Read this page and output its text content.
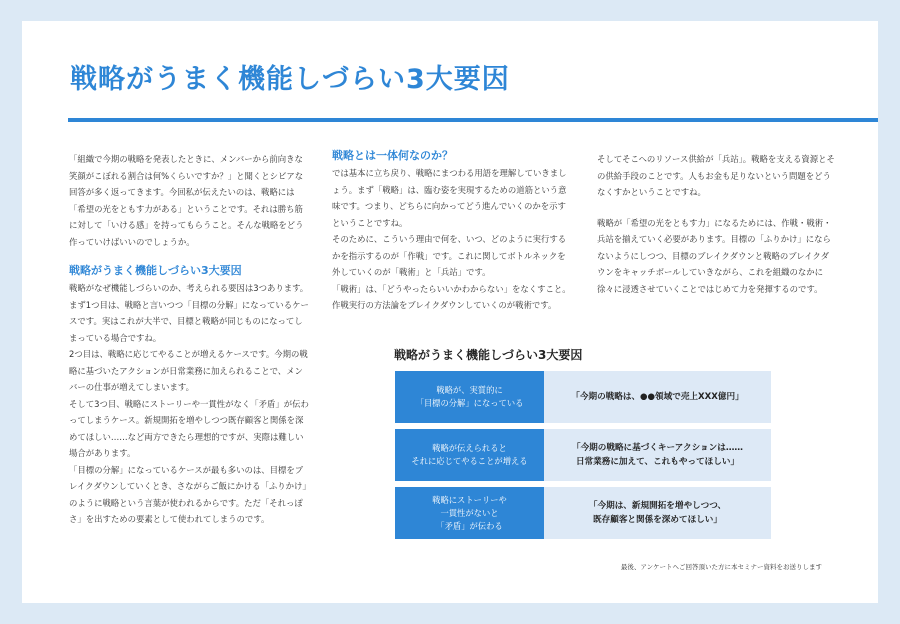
戦略がうまく機能しづらい3大要因

「組織で今期の戦略を発表したときに、メンバーから前向きな笑顔がこぼれる割合は何%くらいですか？」と聞くとシビアな回答が多く返ってきます。今回私が伝えたいのは、戦略には「希望の光をともす力がある」ということです。それは勝ち筋に対して「いける感」を持ってもらうこと。そんな戦略をどう作っていけばいいのでしょうか。

戦略がうまく機能しづらい3大要因

戦略がなぜ機能しづらいのか、考えられる要因は3つあります。

まず1つ目は、戦略と言いつつ「目標の分解」になっているケースです。実はこれが大半で、目標と戦略が同じものになってしまっている場合ですね。

2つ目は、戦略に応じてやることが増えるケースです。今期の戦略に基づいたアクションが日常業務に加えられることで、メンバーの仕事が増えてしまいます。

そして3つ目、戦略にストーリーや一貫性がなく「矛盾」が伝わってしまうケース。新規開拓を増やしつつ既存顧客と関係を深めてほしい……など両方できたら理想的ですが、実際は難しい場合があります。

「目標の分解」になっているケースが最も多いのは、目標をブレイクダウンしていくとき、さながらご飯にかける「ふりかけ」のように戦略という言葉が使われるからです。ただ「それっぽさ」を出すための要素として使われてしまうのです。

戦略とは一体何なのか？

では基本に立ち戻り、戦略にまつわる用語を理解していきましょう。まず「戦略」は、臨む姿を実現するための道筋という意味です。つまり、どちらに向かってどう進んでいくのかを示すということですね。

そのために、こういう理由で何を、いつ、どのように実行するかを指示するのが「作戦」です。これに関してボトルネックを外していくのが「戦術」と「兵站」です。

「戦術」は、「どうやったらいいかわからない」をなくすこと。作戦実行の方法論をブレイクダウンしていくのが戦術です。

そしてそこへのリソース供給が「兵站」。戦略を支える資源とその供給手段のことです。人もお金も足りないという問題をどうなくすかということですね。

戦略が「希望の光をともす力」になるためには、作戦・戦術・兵站を揃えていく必要があります。目標の「ふりかけ」にならないようにしつつ、目標のブレイクダウンと戦略のブレイクダウンをキャッチボールしていきながら、これを組織のなかに徐々に浸透させていくことではじめて力を発揮するのです。

戦略がうまく機能しづらい3大要因
戦略が、実質的に
「目標の分解」になっている
「今期の戦略は、●●領域で売上XXX億円」
戦略が伝えられると
それに応じてやることが増える
「今期の戦略に基づくキーアクションは……
日常業務に加えて、これもやってほしい」
戦略にストーリーや
一貫性がないと
「矛盾」が伝わる
「今期は、新規開拓を増やしつつ、
既存顧客と関係を深めてほしい」
最後、アンケートへご回答頂いた方に本セミナー資料をお送りします
